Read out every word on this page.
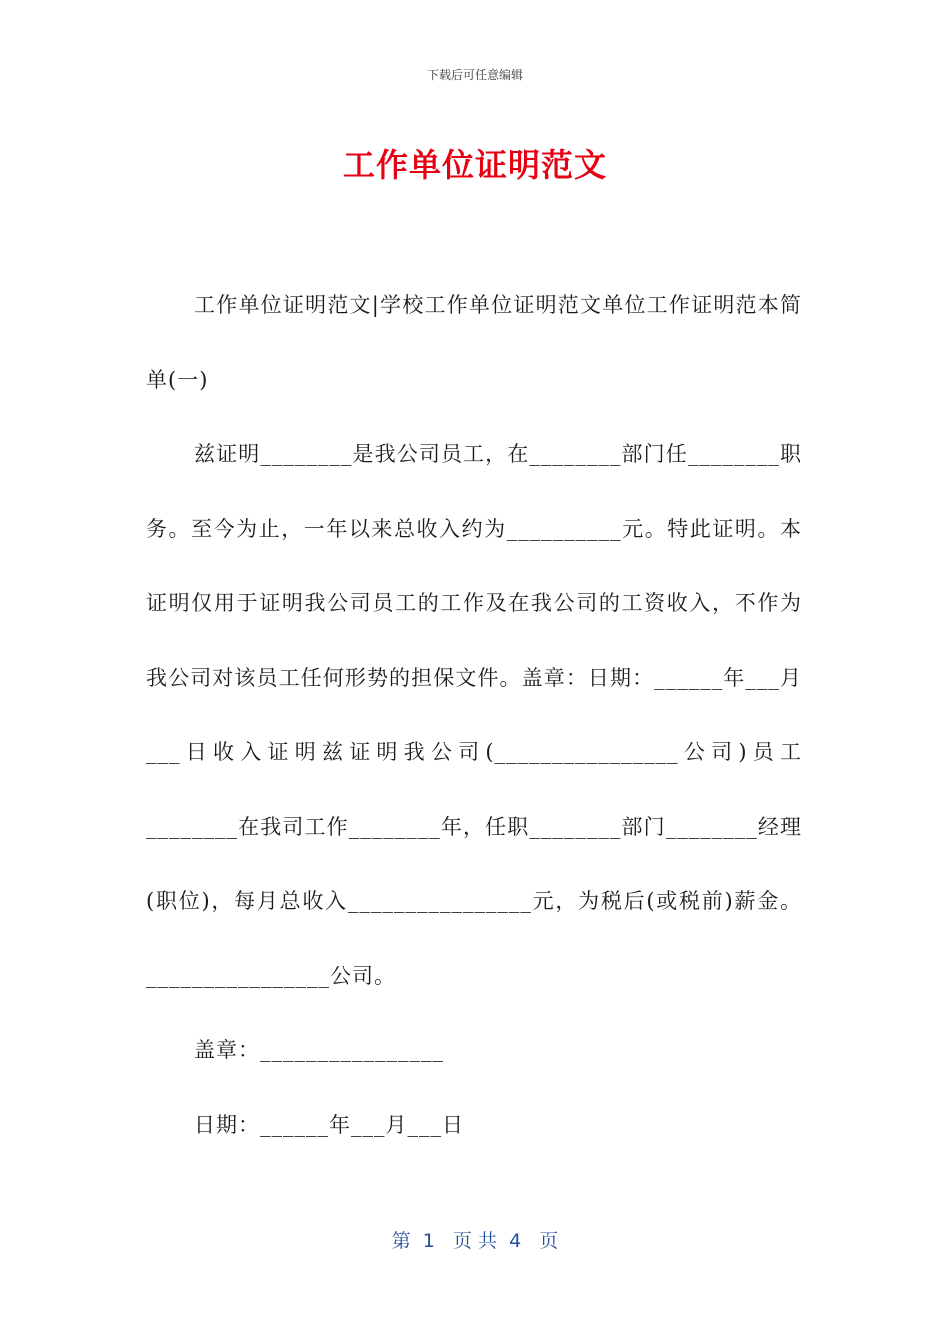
下载后可任意编辑
工作单位证明范文

工作单位证明范文|学校工作单位证明范文单位工作证明范本简单(一)

兹证明________是我公司员工，在________部门任________职务。至今为止，一年以来总收入约为__________元。特此证明。本证明仅用于证明我公司员工的工作及在我公司的工资收入，不作为我公司对该员工任何形势的担保文件。盖章：日期：______年___月___日收入证明兹证明我公司(________________公司)员工________在我司工作________年，任职________部门________经理(职位)，每月总收入________________元，为税后(或税前)薪金。________________公司。

盖章：________________

日期：______年___月___日

第  1   页 共  4   页
